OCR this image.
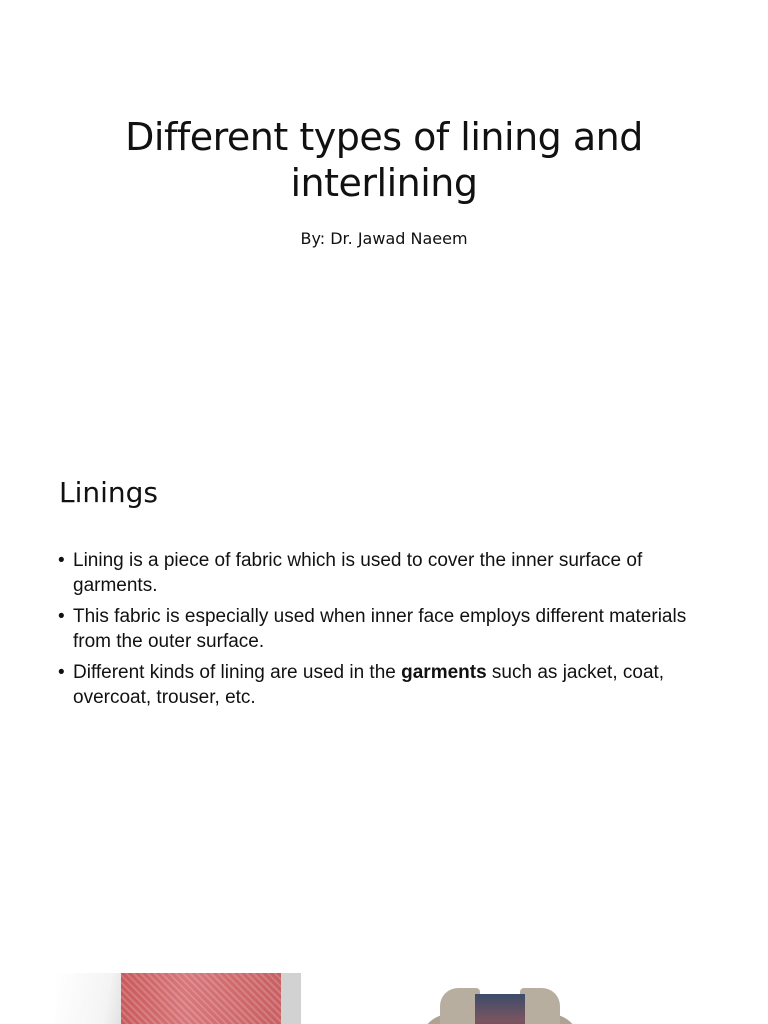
Different types of lining and interlining
By: Dr. Jawad Naeem
Linings
• Lining is a piece of fabric which is used to cover the inner surface of garments.
• This fabric is especially used when inner face employs different materials from the outer surface.
• Different kinds of lining are used in the garments such as jacket, coat, overcoat, trouser, etc.
